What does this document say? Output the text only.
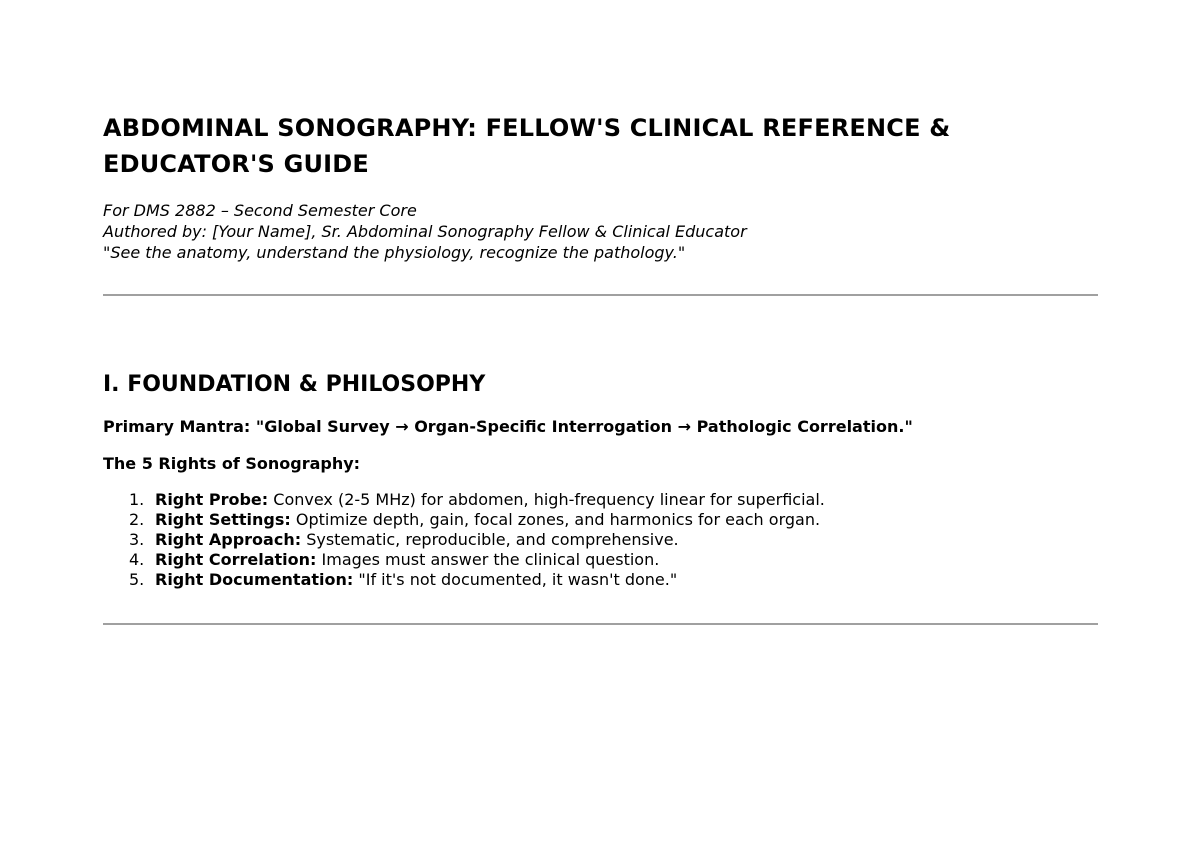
ABDOMINAL SONOGRAPHY: FELLOW'S CLINICAL REFERENCE &
EDUCATOR'S GUIDE
For DMS 2882 – Second Semester Core
Authored by: [Your Name], Sr. Abdominal Sonography Fellow & Clinical Educator
"See the anatomy, understand the physiology, recognize the pathology."
I. FOUNDATION & PHILOSOPHY
Primary Mantra: "Global Survey → Organ-Specific Interrogation → Pathologic Correlation."
The 5 Rights of Sonography:
1. Right Probe: Convex (2-5 MHz) for abdomen, high-frequency linear for superficial.
2. Right Settings: Optimize depth, gain, focal zones, and harmonics for each organ.
3. Right Approach: Systematic, reproducible, and comprehensive.
4. Right Correlation: Images must answer the clinical question.
5. Right Documentation: "If it's not documented, it wasn't done."
